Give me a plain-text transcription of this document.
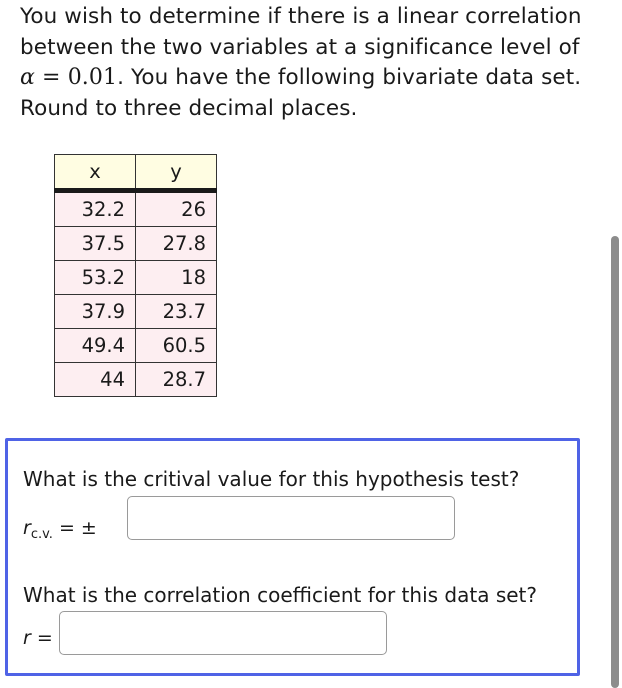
You wish to determine if there is a linear correlation
between the two variables at a significance level of
α = 0.01. You have the following bivariate data set.
Round to three decimal places.
x	y
32.2	26
37.5	27.8
53.2	18
37.9	23.7
49.4	60.5
44	28.7
What is the critival value for this hypothesis test?
$r_{c.v.}$ = ±
What is the correlation coefficient for this data set?
r =
